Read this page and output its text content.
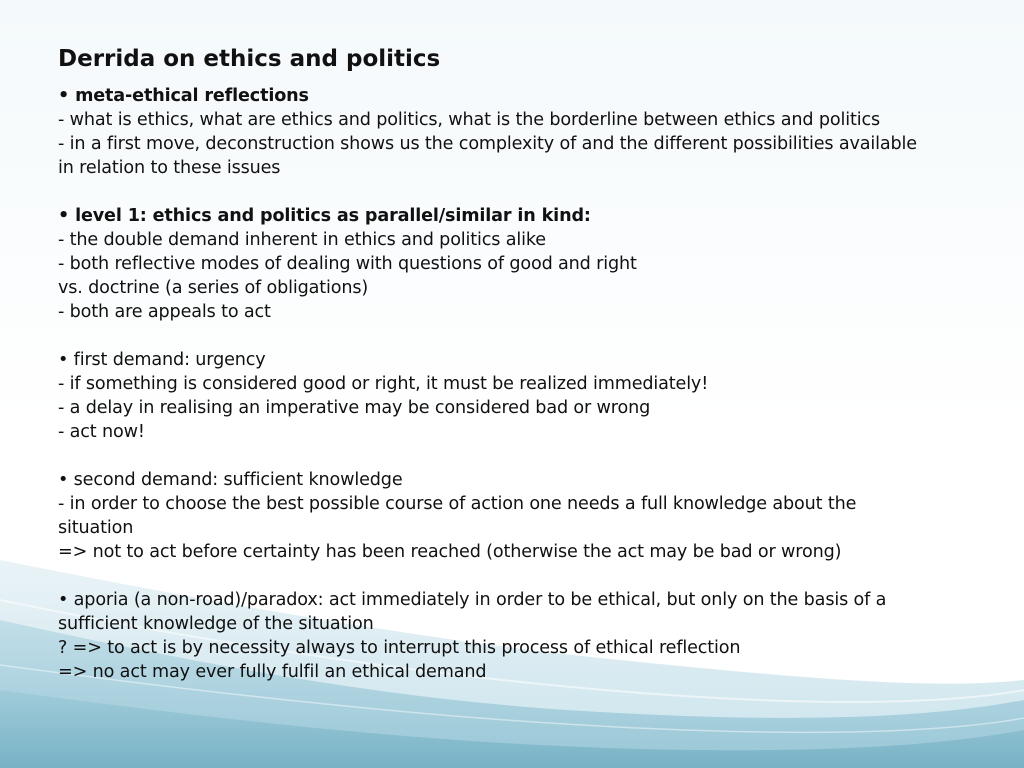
Derrida on ethics and politics
• meta-ethical reflections
- what is ethics, what are ethics and politics, what is the borderline between ethics and politics
- in a first move, deconstruction shows us the complexity of and the different possibilities available
in relation to these issues
• level 1: ethics and politics as parallel/similar in kind:
- the double demand inherent in ethics and politics alike
- both reflective modes of dealing with questions of good and right
vs. doctrine (a series of obligations)
- both are appeals to act
• first demand: urgency
- if something is considered good or right, it must be realized immediately!
- a delay in realising an imperative may be considered bad or wrong
- act now!
• second demand: sufficient knowledge
- in order to choose the best possible course of action one needs a full knowledge about the
situation
=> not to act before certainty has been reached (otherwise the act may be bad or wrong)
• aporia (a non-road)/paradox: act immediately in order to be ethical, but only on the basis of a
sufficient knowledge of the situation
? => to act is by necessity always to interrupt this process of ethical reflection
=> no act may ever fully fulfil an ethical demand
